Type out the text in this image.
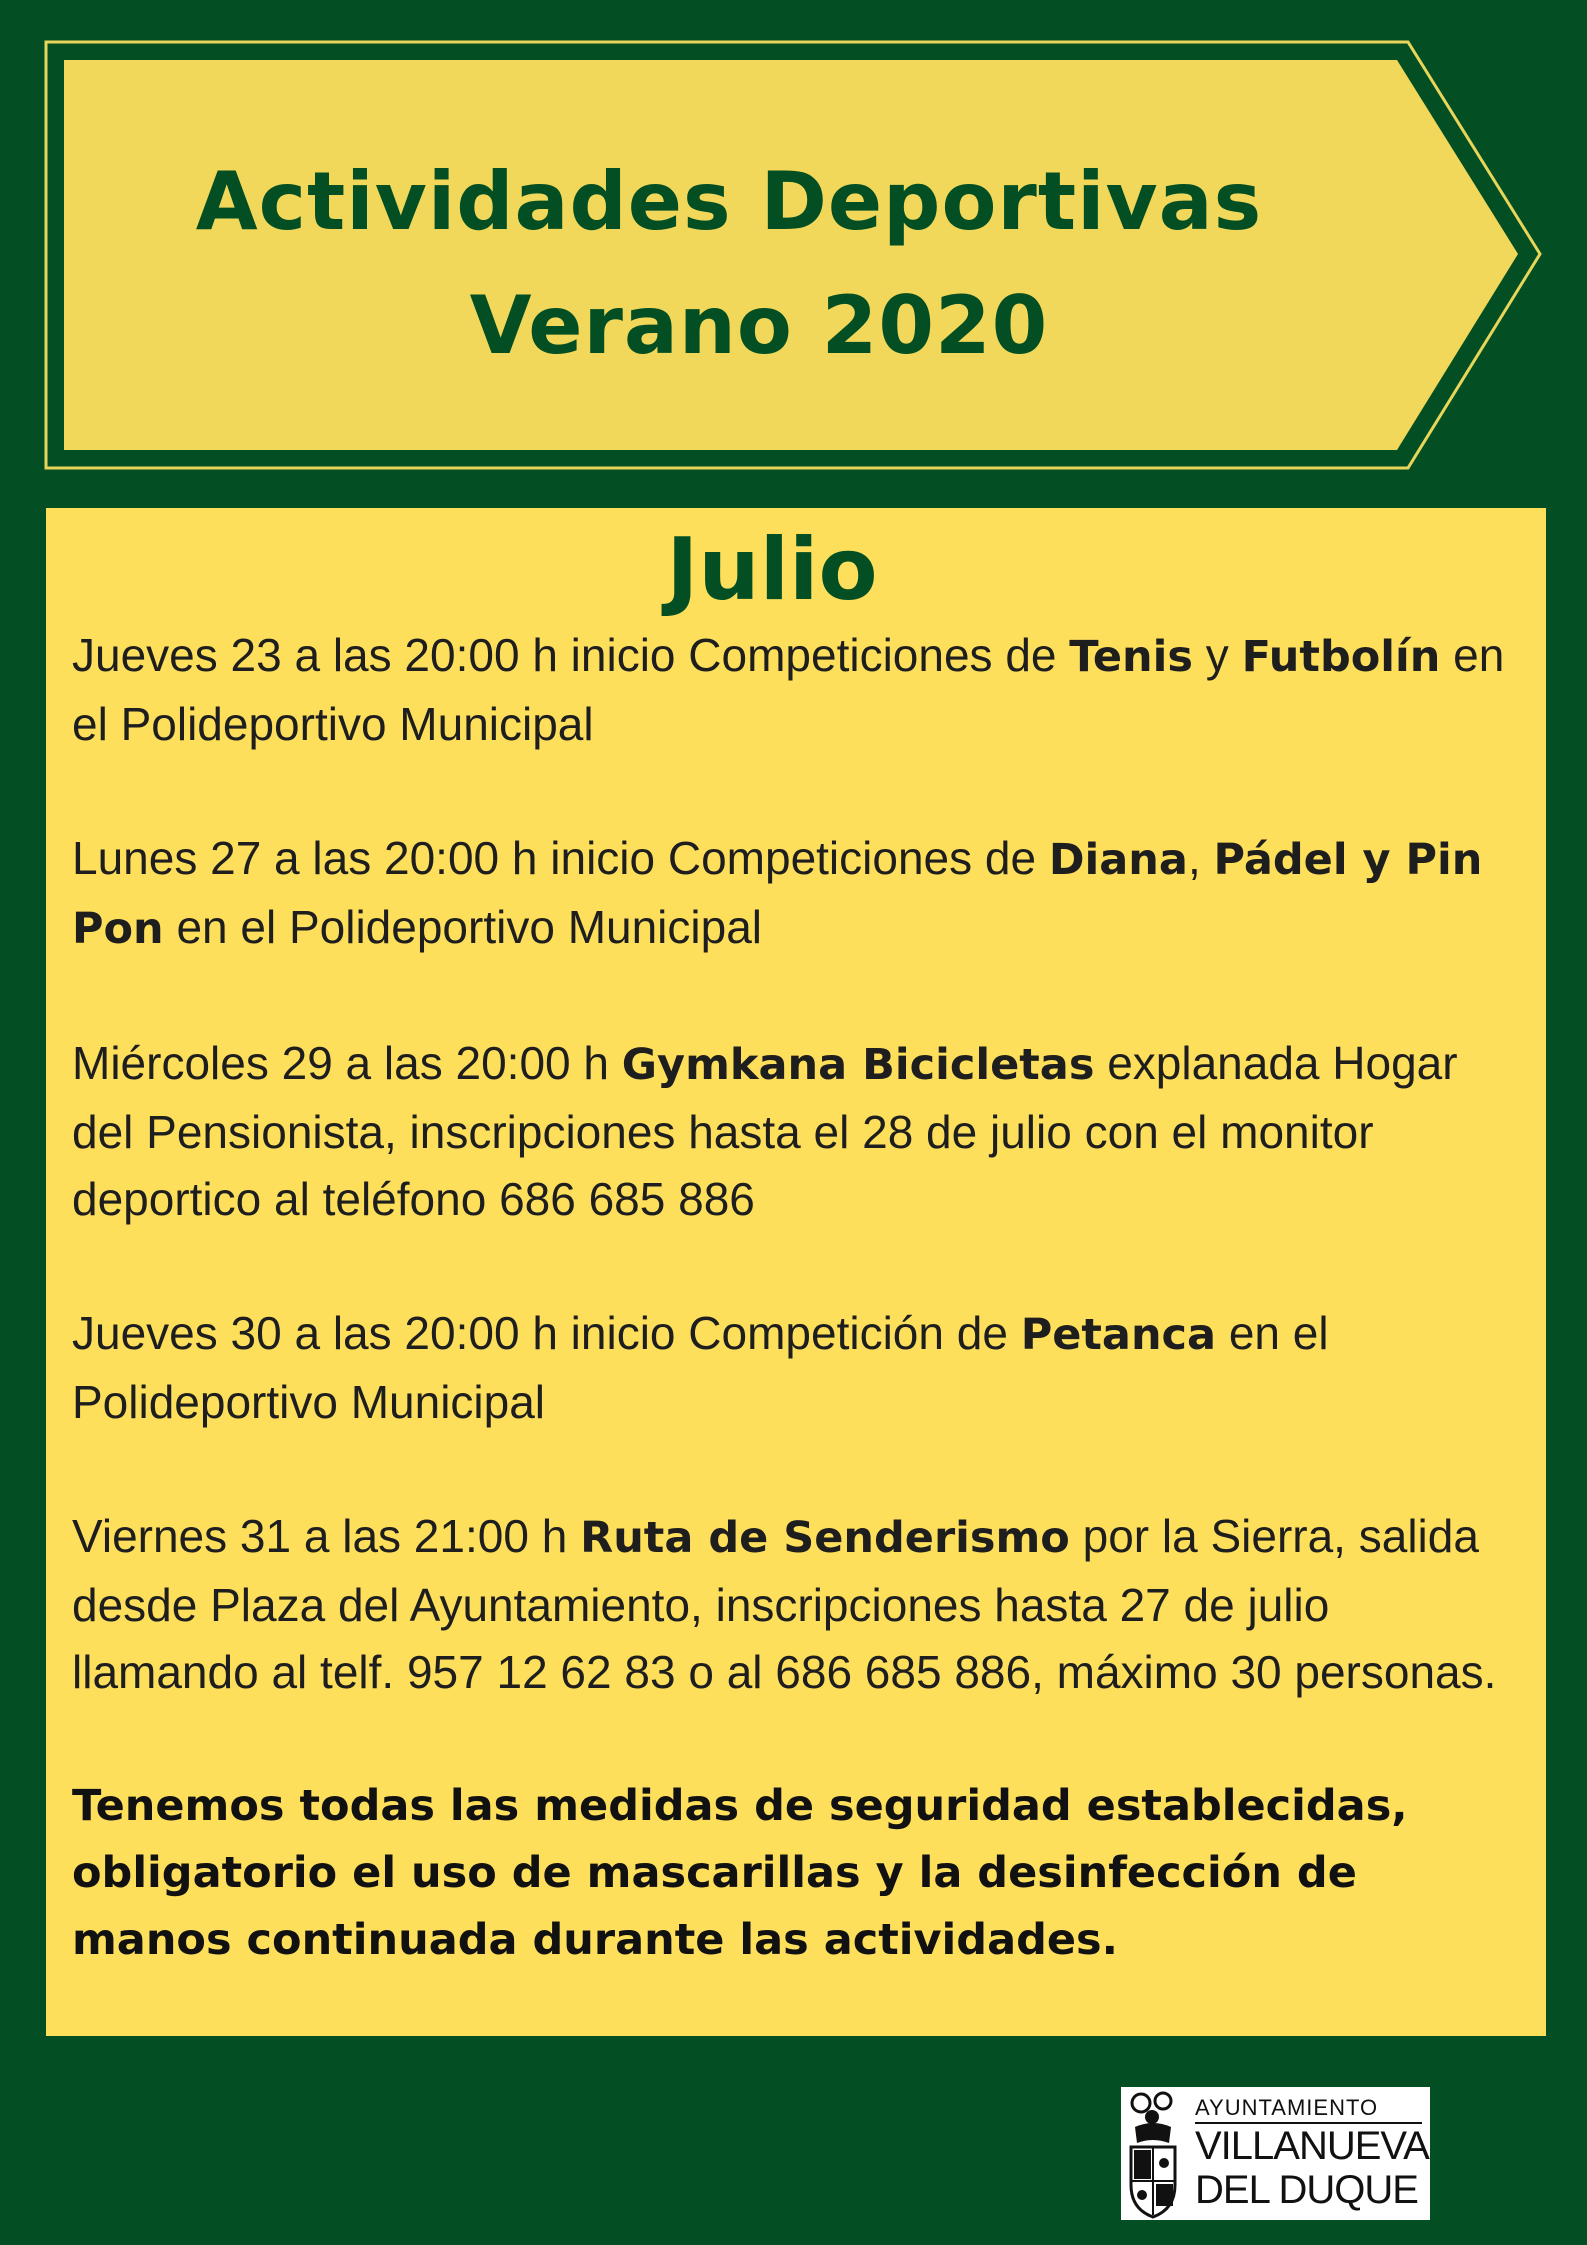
Actividades Deportivas
Verano 2020
Julio

Jueves 23 a las 20:00 h inicio Competiciones de Tenis y Futbolín en el Polideportivo Municipal

Lunes 27 a las 20:00 h inicio Competiciones de Diana, Pádel y Pin Pon en el Polideportivo Municipal

Miércoles 29 a las 20:00 h Gymkana Bicicletas explanada Hogar del Pensionista, inscripciones hasta el 28 de julio con el monitor deportico al teléfono 686 685 886

Jueves 30 a las 20:00 h inicio Competición de Petanca en el Polideportivo Municipal

Viernes 31 a las 21:00 h Ruta de Senderismo por la Sierra, salida desde Plaza del Ayuntamiento, inscripciones hasta 27 de julio llamando al telf. 957 12 62 83 o al 686 685 886, máximo 30 personas.

Tenemos todas las medidas de seguridad establecidas, obligatorio el uso de mascarillas y la desinfección de manos continuada durante las actividades.

AYUNTAMIENTO
VILLANUEVA
DEL DUQUE
